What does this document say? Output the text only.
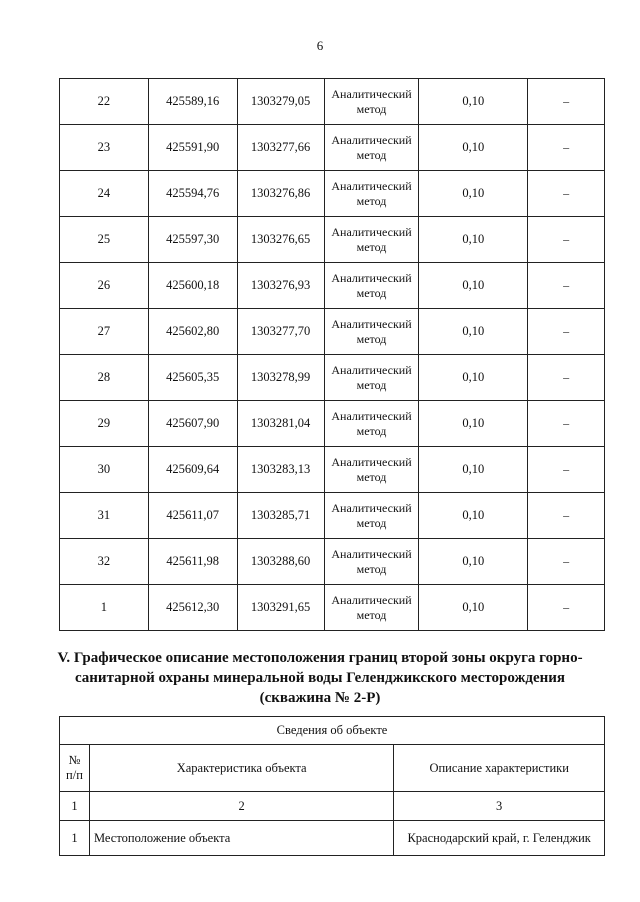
6
22	425589,16	1303279,05	Аналитический метод	0,10	–
23	425591,90	1303277,66	Аналитический метод	0,10	–
24	425594,76	1303276,86	Аналитический метод	0,10	–
25	425597,30	1303276,65	Аналитический метод	0,10	–
26	425600,18	1303276,93	Аналитический метод	0,10	–
27	425602,80	1303277,70	Аналитический метод	0,10	–
28	425605,35	1303278,99	Аналитический метод	0,10	–
29	425607,90	1303281,04	Аналитический метод	0,10	–
30	425609,64	1303283,13	Аналитический метод	0,10	–
31	425611,07	1303285,71	Аналитический метод	0,10	–
32	425611,98	1303288,60	Аналитический метод	0,10	–
1	425612,30	1303291,65	Аналитический метод	0,10	–
V. Графическое описание местоположения границ второй зоны округа горно-санитарной охраны минеральной воды Геленджикского месторождения (скважина № 2-Р)
Сведения об объекте		
№ п/п	Характеристика объекта	Описание характеристики
1	2	3
1	Местоположение объекта	Краснодарский край, г. Геленджик
